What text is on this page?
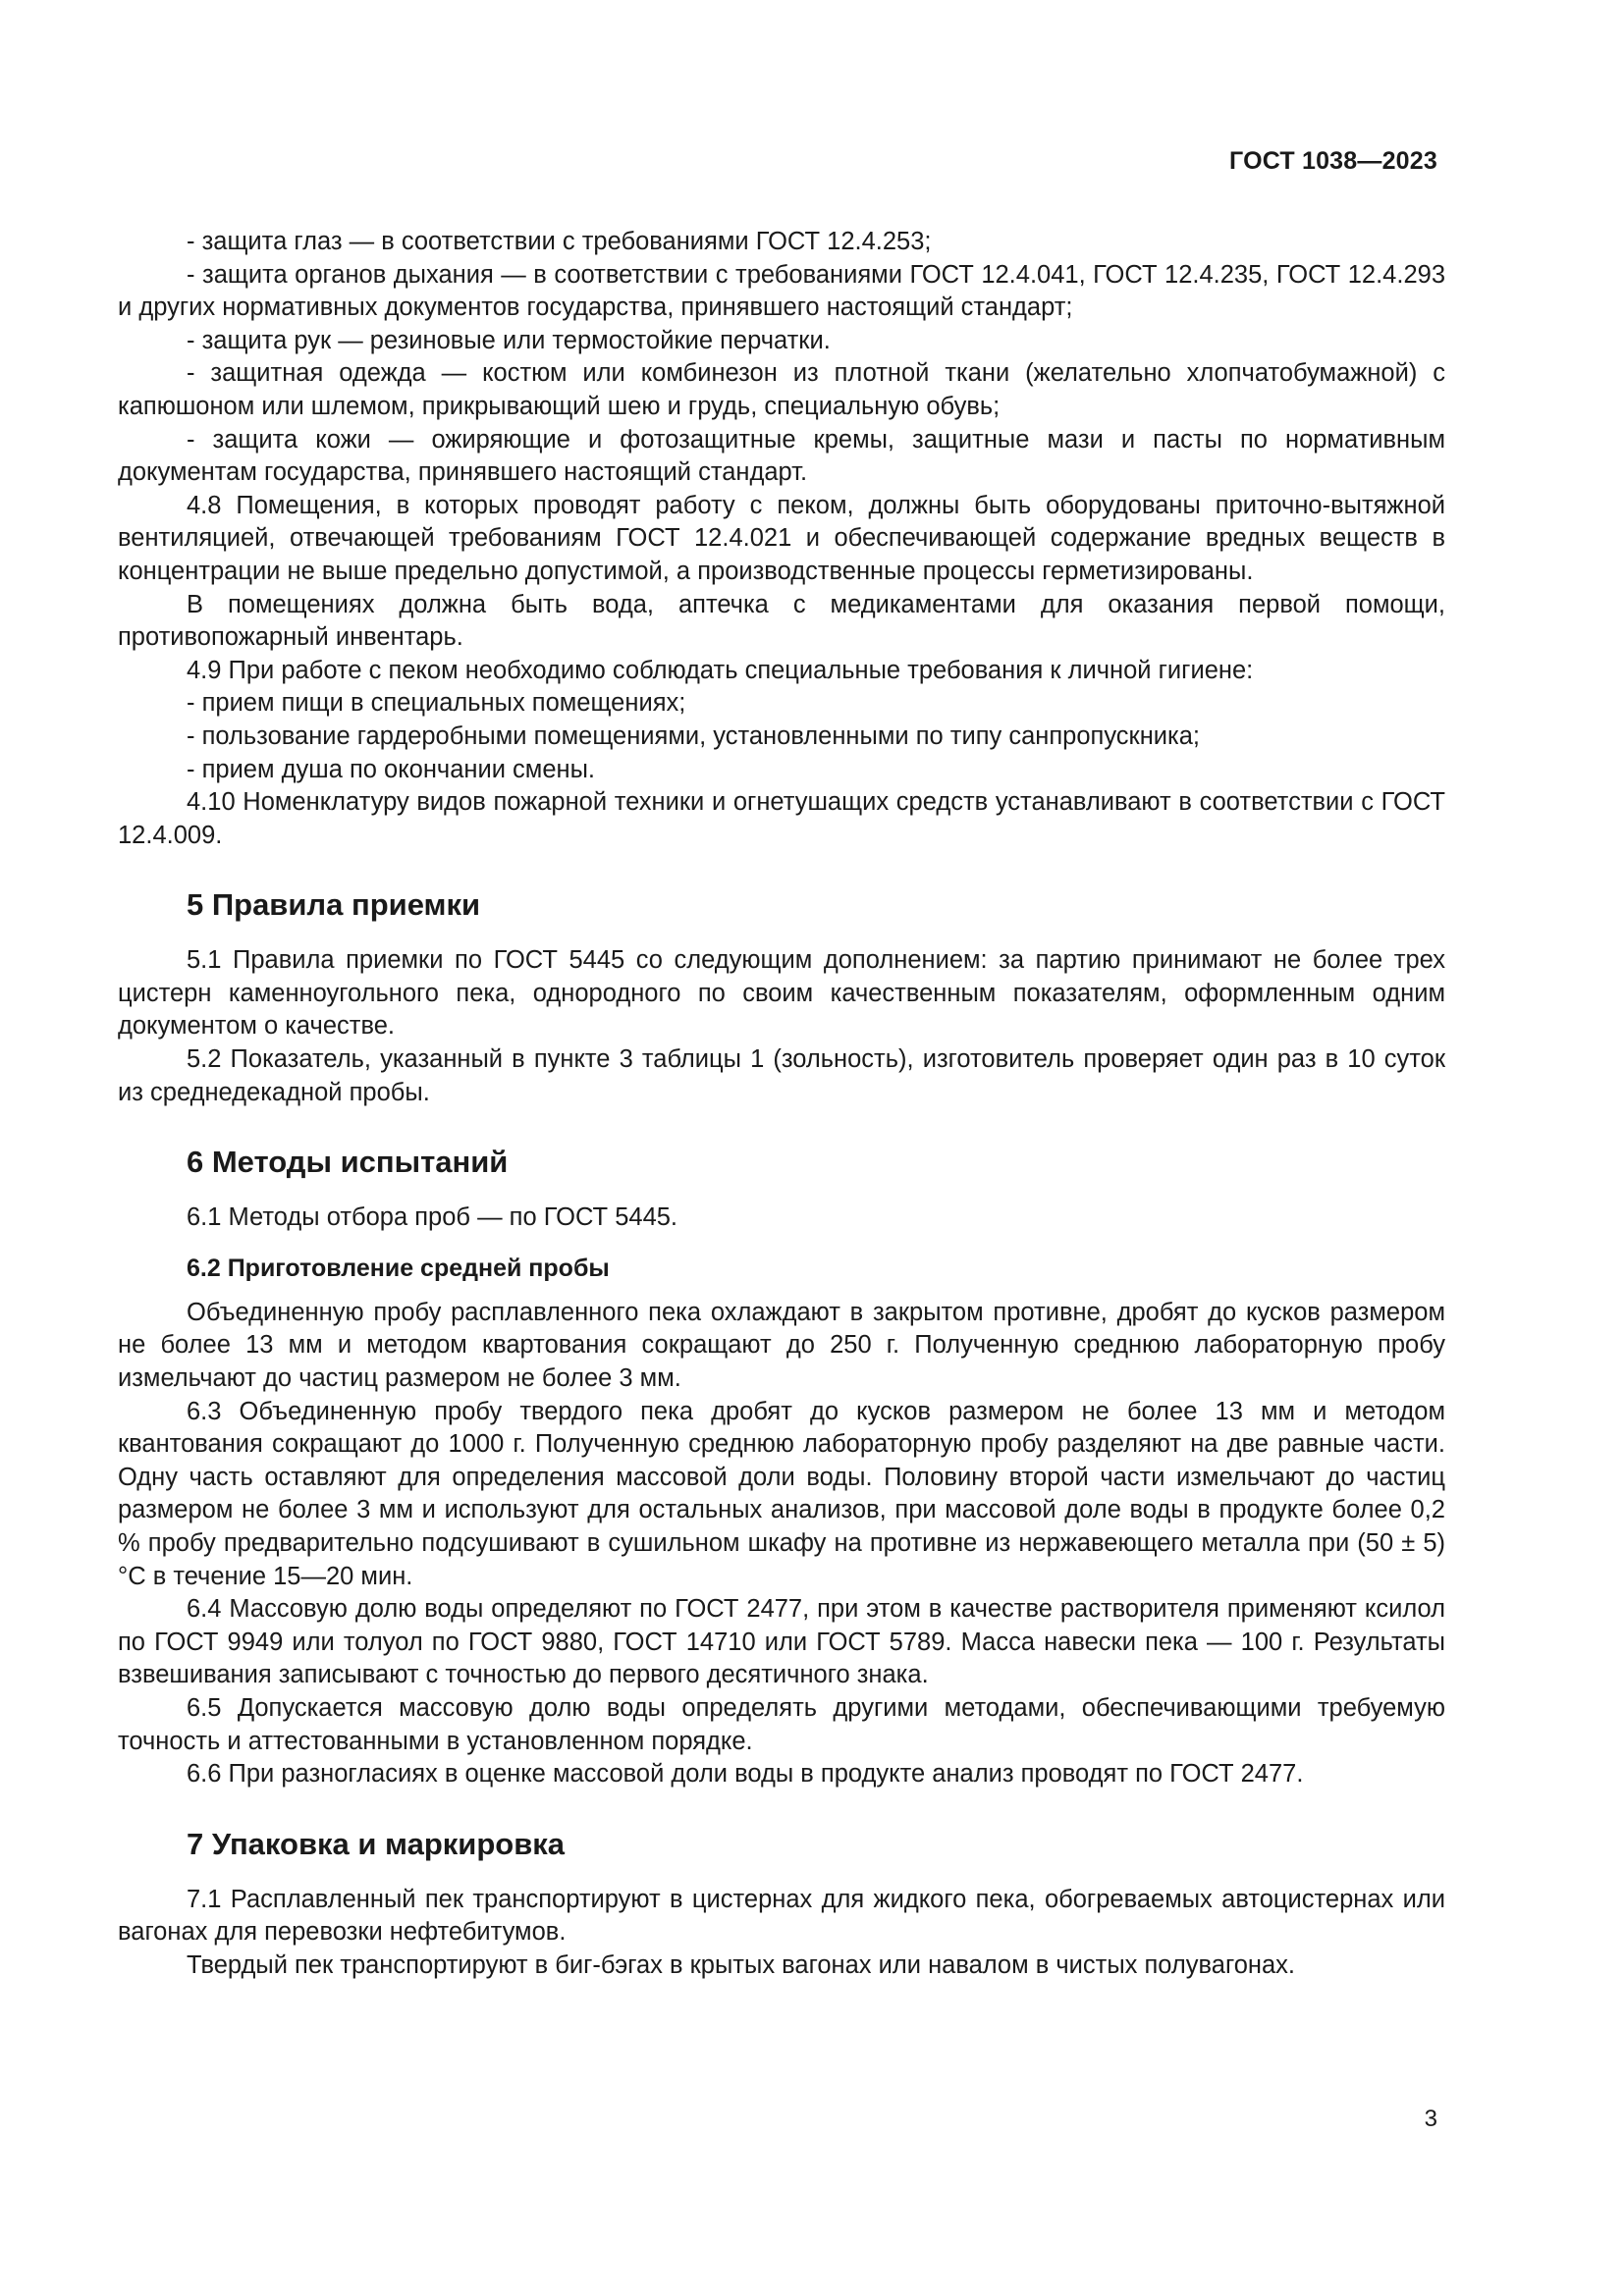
ГОСТ 1038—2023

- защита глаз — в соответствии с требованиями ГОСТ 12.4.253;

- защита органов дыхания — в соответствии с требованиями ГОСТ 12.4.041, ГОСТ 12.4.235, ГОСТ 12.4.293 и других нормативных документов государства, принявшего настоящий стандарт;

- защита рук — резиновые или термостойкие перчатки.

- защитная одежда — костюм или комбинезон из плотной ткани (желательно хлопчатобумажной) с капюшоном или шлемом, прикрывающий шею и грудь, специальную обувь;

- защита кожи — ожиряющие и фотозащитные кремы, защитные мази и пасты по нормативным документам государства, принявшего настоящий стандарт.

4.8 Помещения, в которых проводят работу с пеком, должны быть оборудованы приточно-вытяжной вентиляцией, отвечающей требованиям ГОСТ 12.4.021 и обеспечивающей содержание вредных веществ в концентрации не выше предельно допустимой, а производственные процессы герметизированы.

В помещениях должна быть вода, аптечка с медикаментами для оказания первой помощи, противопожарный инвентарь.

4.9 При работе с пеком необходимо соблюдать специальные требования к личной гигиене:

- прием пищи в специальных помещениях;

- пользование гардеробными помещениями, установленными по типу санпропускника;

- прием душа по окончании смены.

4.10 Номенклатуру видов пожарной техники и огнетушащих средств устанавливают в соответствии с ГОСТ 12.4.009.

5 Правила приемки

5.1 Правила приемки по ГОСТ 5445 со следующим дополнением: за партию принимают не более трех цистерн каменноугольного пека, однородного по своим качественным показателям, оформленным одним документом о качестве.

5.2 Показатель, указанный в пункте 3 таблицы 1 (зольность), изготовитель проверяет один раз в 10 суток из среднедекадной пробы.

6 Методы испытаний

6.1 Методы отбора проб — по ГОСТ 5445.

6.2 Приготовление средней пробы

Объединенную пробу расплавленного пека охлаждают в закрытом противне, дробят до кусков размером не более 13 мм и методом квартования сокращают до 250 г. Полученную среднюю лабораторную пробу измельчают до частиц размером не более 3 мм.

6.3 Объединенную пробу твердого пека дробят до кусков размером не более 13 мм и методом квантования сокращают до 1000 г. Полученную среднюю лабораторную пробу разделяют на две равные части. Одну часть оставляют для определения массовой доли воды. Половину второй части измельчают до частиц размером не более 3 мм и используют для остальных анализов, при массовой доле воды в продукте более 0,2 % пробу предварительно подсушивают в сушильном шкафу на противне из нержавеющего металла при (50 ± 5) °С в течение 15—20 мин.

6.4 Массовую долю воды определяют по ГОСТ 2477, при этом в качестве растворителя применяют ксилол по ГОСТ 9949 или толуол по ГОСТ 9880, ГОСТ 14710 или ГОСТ 5789. Масса навески пека — 100 г. Результаты взвешивания записывают с точностью до первого десятичного знака.

6.5 Допускается массовую долю воды определять другими методами, обеспечивающими требуемую точность и аттестованными в установленном порядке.

6.6 При разногласиях в оценке массовой доли воды в продукте анализ проводят по ГОСТ 2477.

7 Упаковка и маркировка

7.1 Расплавленный пек транспортируют в цистернах для жидкого пека, обогреваемых автоцистернах или вагонах для перевозки нефтебитумов.

Твердый пек транспортируют в биг-бэгах в крытых вагонах или навалом в чистых полувагонах.

3
